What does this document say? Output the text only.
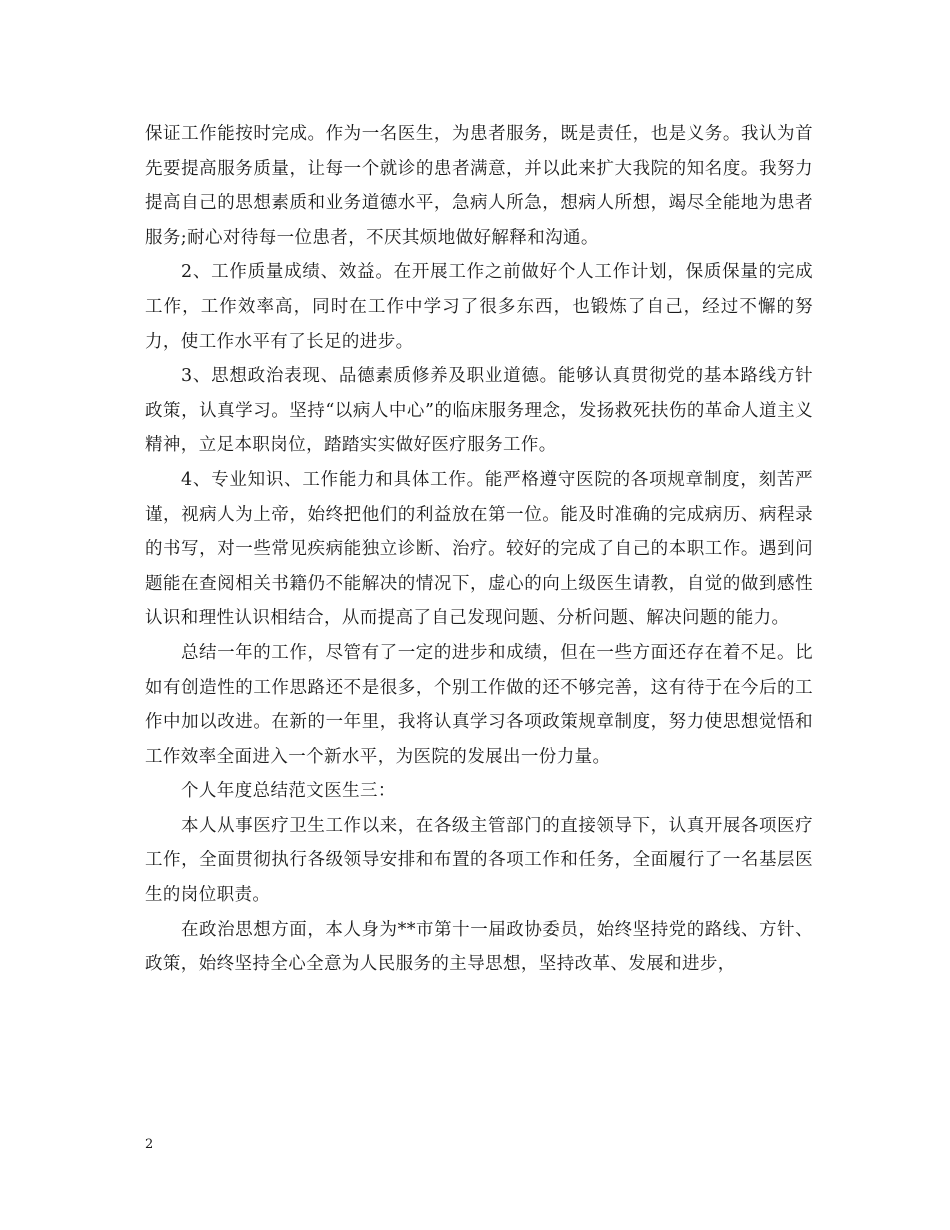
保证工作能按时完成。作为一名医生，为患者服务，既是责任，也是义务。我认为首先要提高服务质量，让每一个就诊的患者满意，并以此来扩大我院的知名度。我努力提高自己的思想素质和业务道德水平，急病人所急，想病人所想，竭尽全能地为患者服务;耐心对待每一位患者，不厌其烦地做好解释和沟通。

2、工作质量成绩、效益。在开展工作之前做好个人工作计划，保质保量的完成工作，工作效率高，同时在工作中学习了很多东西，也锻炼了自己，经过不懈的努力，使工作水平有了长足的进步。

3、思想政治表现、品德素质修养及职业道德。能够认真贯彻党的基本路线方针政策，认真学习。坚持“以病人中心”的临床服务理念，发扬救死扶伤的革命人道主义精神，立足本职岗位，踏踏实实做好医疗服务工作。

4、专业知识、工作能力和具体工作。能严格遵守医院的各项规章制度，刻苦严谨，视病人为上帝，始终把他们的利益放在第一位。能及时准确的完成病历、病程录的书写，对一些常见疾病能独立诊断、治疗。较好的完成了自己的本职工作。遇到问题能在查阅相关书籍仍不能解决的情况下，虚心的向上级医生请教，自觉的做到感性认识和理性认识相结合，从而提高了自己发现问题、分析问题、解决问题的能力。

总结一年的工作，尽管有了一定的进步和成绩，但在一些方面还存在着不足。比如有创造性的工作思路还不是很多，个别工作做的还不够完善，这有待于在今后的工作中加以改进。在新的一年里，我将认真学习各项政策规章制度，努力使思想觉悟和工作效率全面进入一个新水平，为医院的发展出一份力量。

个人年度总结范文医生三：

本人从事医疗卫生工作以来，在各级主管部门的直接领导下，认真开展各项医疗工作，全面贯彻执行各级领导安排和布置的各项工作和任务，全面履行了一名基层医生的岗位职责。

在政治思想方面，本人身为**市第十一届政协委员，始终坚持党的路线、方针、政策，始终坚持全心全意为人民服务的主导思想，坚持改革、发展和进步，

2
